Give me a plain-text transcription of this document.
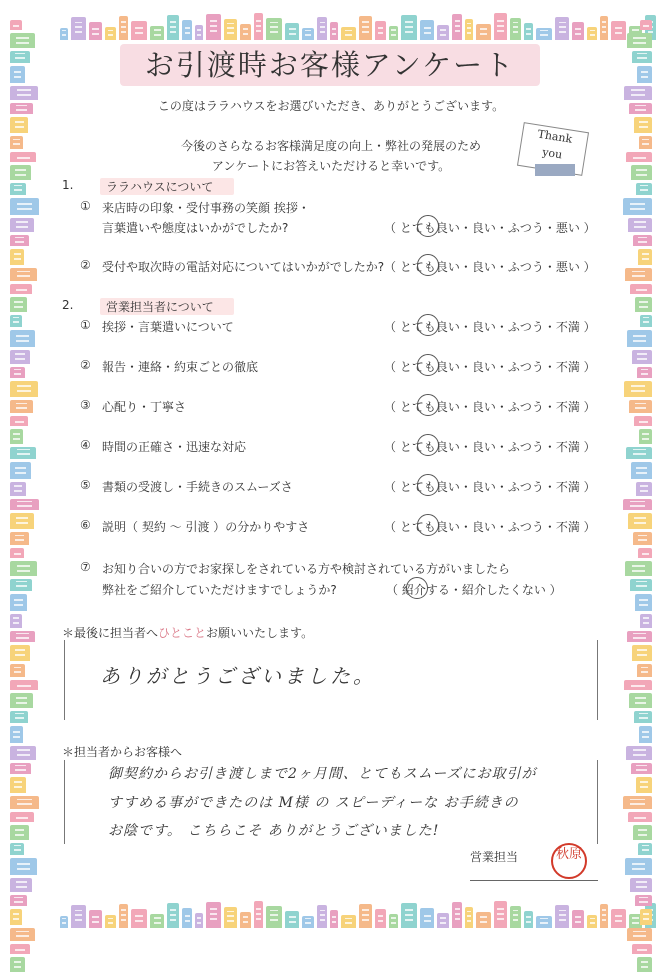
お引渡時お客様アンケート
この度はララハウスをお選びいただき、ありがとうございます。
今後のさらなるお客様満足度の向上・弊社の発展のため
アンケートにお答えいただけると幸いです。
Thank
you
1.	ララハウスについて
① 来店時の印象・受付事務の笑顔 挨拶・
言葉遣いや態度はいかがでしたか?	（ とても良い・良い・ふつう・悪い ）
② 受付や取次時の電話対応についてはいかがでしたか? （ とても良い・良い・ふつう・悪い ）
2.	営業担当者について
① 挨拶・言葉遣いについて	（ とても良い・良い・ふつう・不満 ）
② 報告・連絡・約束ごとの徹底	（ とても良い・良い・ふつう・不満 ）
③ 心配り・丁寧さ	（ とても良い・良い・ふつう・不満 ）
④ 時間の正確さ・迅速な対応	（ とても良い・良い・ふつう・不満 ）
⑤ 書類の受渡し・手続きのスムーズさ	（ とても良い・良い・ふつう・不満 ）
⑥ 説明（ 契約 〜 引渡 ）の分かりやすさ	（ とても良い・良い・ふつう・不満 ）
⑦ お知り合いの方でお家探しをされている方や検討されている方がいましたら
弊社をご紹介していただけますでしょうか?	（ 紹介する・紹介したくない ）
＊最後に担当者へひとことお願いいたします。
ありがとうございました。
＊担当者からお客様へ
御契約からお引き渡しまで2ヶ月間、とてもスムーズにお取引が
すすめる事ができたのは M様 の スピーディーな お手続きの
お陰です。 こちらこそ ありがとうございました!
営業担当	秋原
